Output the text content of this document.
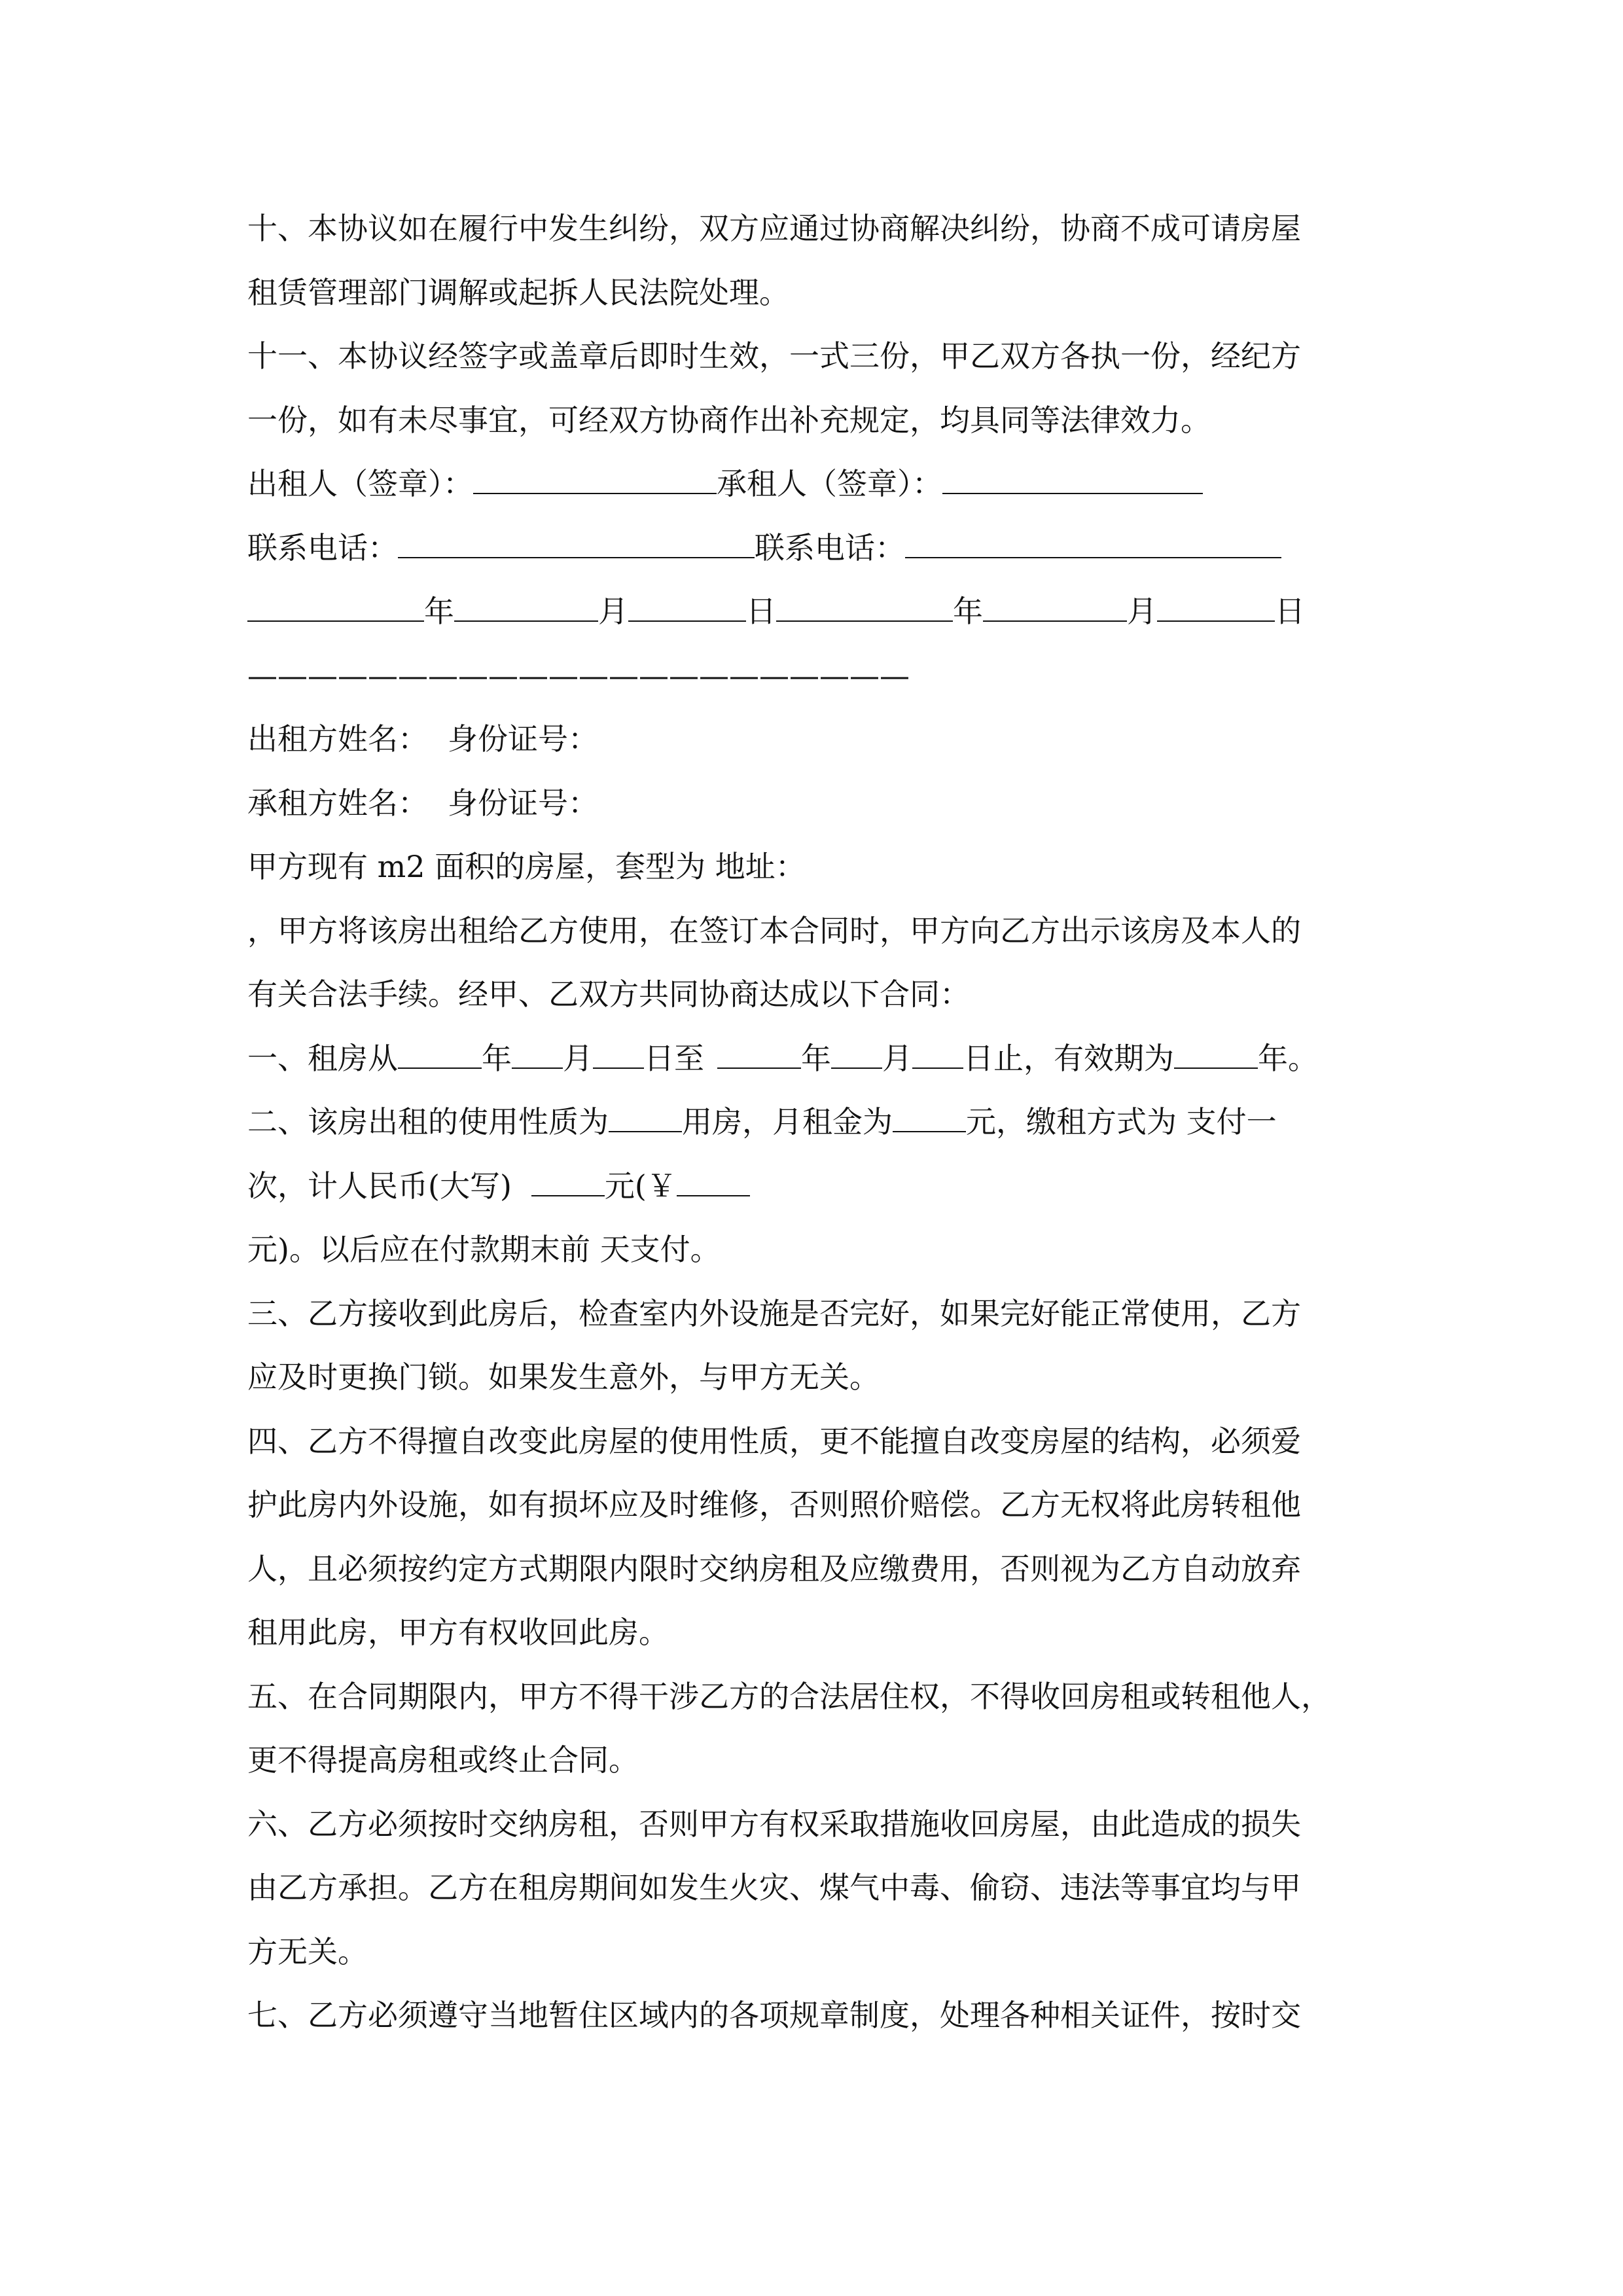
十、本协议如在履行中发生纠纷，双方应通过协商解决纠纷，协商不成可请房屋
租赁管理部门调解或起拆人民法院处理。
十一、本协议经签字或盖章后即时生效，一式三份，甲乙双方各执一份，经纪方
一份，如有未尽事宜，可经双方协商作出补充规定，均具同等法律效力。
出租人（签章）：	承租人（签章）：
联系电话：	联系电话：
年	月	日	年	月	日
——————————————————————
出租方姓名： 身份证号：
承租方姓名： 身份证号：
甲方现有 m2 面积的房屋，套型为 地址：
，甲方将该房出租给乙方使用，在签订本合同时，甲方向乙方出示该房及本人的
有关合法手续。经甲、乙双方共同协商达成以下合同：
一、租房从	年 月 日至	年 月 日止，有效期为	年。
二、该房出租的使用性质为 用房，月租金为 元，缴租方式为 支付一
次，计人民币(大写)	元(￥
元)。以后应在付款期末前 天支付。
三、乙方接收到此房后，检查室内外设施是否完好，如果完好能正常使用，乙方
应及时更换门锁。如果发生意外，与甲方无关。
四、乙方不得擅自改变此房屋的使用性质，更不能擅自改变房屋的结构，必须爱
护此房内外设施，如有损坏应及时维修，否则照价赔偿。乙方无权将此房转租他
人，且必须按约定方式期限内限时交纳房租及应缴费用，否则视为乙方自动放弃
租用此房，甲方有权收回此房。
五、在合同期限内，甲方不得干涉乙方的合法居住权，不得收回房租或转租他人，
更不得提高房租或终止合同。
六、乙方必须按时交纳房租，否则甲方有权采取措施收回房屋，由此造成的损失
由乙方承担。乙方在租房期间如发生火灾、煤气中毒、偷窃、违法等事宜均与甲
方无关。
七、乙方必须遵守当地暂住区域内的各项规章制度，处理各种相关证件，按时交
